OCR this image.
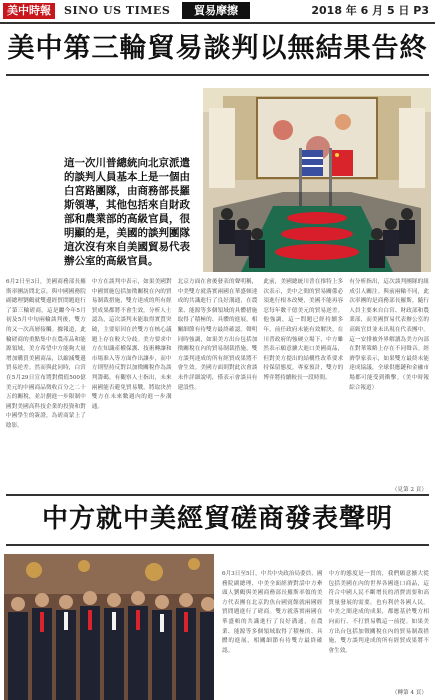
美中時報	SINO US TIMES	貿易摩擦	2018 年 6 月 5 日 P3
美中第三輪貿易談判以無結果告終
這一次川普總統向北京派遣的談判人員基本上是一個由白宮路團隊，由商務部長羅斯領導，其他包括來自財政部和農業部的高級官員，很明顯的是，美國的談判團隊這次沒有來自美國貿易代表辦公室的高級官員。
6月2日至3日，美國商務部長羅斯率團訪問北京，與中國國務院副總理劉鶴就雙邊經貿問題進行了第三輪磋商。這是繼今年5月初及5月中旬兩輪談判後，雙方的又一次高層接觸。據報道，此輪磋商的重點集中在農產品和能源領域，美方希望中方能夠大量增加購買美國商品，以縮減雙邊貿易逆差。然而與此同時，白宮在5月29日宣布將對價值500億美元的中國商品徵收百分之二十五的關稅，並計劃進一步限制中國對美國高科技企業的投資和對中國學生的簽證，為磋商蒙上了陰影。
中方在談判中表示，如果美國對中國實施包括加徵關稅在內的貿易制裁措施，雙方達成的所有經貿成果都將不會生效。分析人士認為，這次談判未能取得實質突破，主要原因在於雙方在核心議題上存在較大分歧。美方要求中方在知識產權保護、技術轉讓和市場准入等方面作出讓步，而中方則堅持反對以加徵關稅作為談判籌碼。有觀察人士指出，未來兩國能否避免貿易戰，將取決於雙方在未來數週內的進一步溝通。
北京方面在會後發表的聲明稱，中美雙方就落實兩國在華盛頓達成的共識進行了良好溝通，在農業、能源等多個領域的具體措施取得了積極的、具體的進展，相關細節有待雙方最終確認。聲明同時強調，如果美方出台包括加徵關稅在內的貿易制裁措施，雙方談判達成的所有經貿成果將不會生效。美國方面則對此次會談未作詳細說明，僅表示會談具有建設性。
此前，美國總統川普在推特上多次表示，美中之間的貿易關係必須進行根本改變，美國不能再容忍每年數千億美元的貿易逆差。他強調，這一問題已經持續多年，前任政府未能有效解決。在川普政府的強硬立場下，中方雖然表示願意擴大進口美國商品，但對美方提出的結構性改革要求持保留態度。專家預計，雙方的博弈將持續較長一段時間。
有分析指出，這次談判團隊的組成引人關注。與前兩輪不同，此次率團的是商務部長羅斯，隨行人員主要來自白宮、財政部和農業部，而美國貿易代表辦公室的高級官員並未出現在代表團中。這一安排被外界解讀為美方內部在對華策略上存在不同聲音。經濟學家表示，如果雙方最終未能達成協議，全球供應鏈和金融市場都可能受到衝擊。（美中時報綜合報道）
（見第 2 頁）
中方就中美經貿磋商發表聲明
6月3日至5日，中共中央政治局委員、國務院副總理、中美全面經濟對話中方牽頭人劉鶴與美國商務部長羅斯率領的美方代表團在北京釣魚台國賓館就兩國經貿問題進行了磋商。雙方就落實兩國在華盛頓的共識進行了良好溝通，在農業、能源等多個領域取得了積極的、具體的進展，相關細節有待雙方最終確認。
中方的態度是一貫的，我們願意擴大從包括美國在內的世界各國進口商品，這符合中國人民不斷增長的消費需要和高質量發展的需要，也有利於各國人民。中美之間達成的成果，都應基於雙方相向而行、不打貿易戰這一前提。如果美方出台包括加徵關稅在內的貿易制裁措施，雙方談判達成的所有經貿成果將不會生效。
（轉第 4 頁）
